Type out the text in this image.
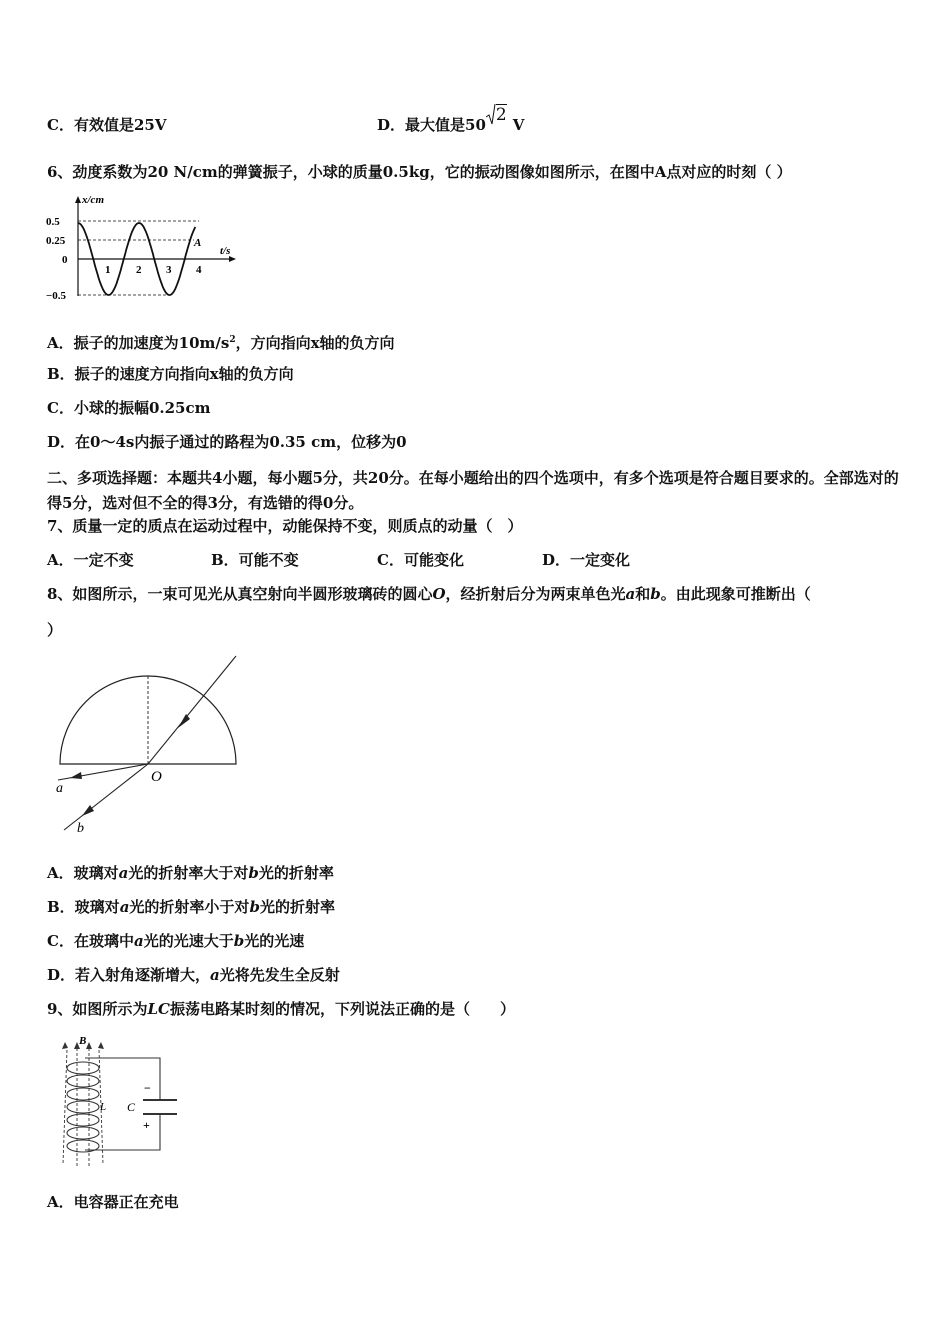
C．有效值是25V	D．最大值是50 2 V
6、劲度系数为20 N/cm的弹簧振子，小球的质量0.5kg，它的振动图像如图所示，在图中A点对应的时刻（ ）
x/cm
t/s
0.5
0.25
0
−0.5
1 2 3 4
A
A．振子的加速度为$10m/s^2$，方向指向x轴的负方向
B．振子的速度方向指向x轴的负方向
C．小球的振幅0.25cm
D．在0～4s内振子通过的路程为0.35 cm，位移为0
二、多项选择题：本题共4小题，每小题5分，共20分。在每小题给出的四个选项中，有多个选项是符合题目要求的。全部选对的得5分，选对但不全的得3分，有选错的得0分。
7、质量一定的质点在运动过程中，动能保持不变，则质点的动量（　）
A．一定不变	B．可能不变	C．可能变化	D．一定变化
8、如图所示，一束可见光从真空射向半圆形玻璃砖的圆心O，经折射后分为两束单色光a和b。由此现象可推断出（
）
O
a
b
A．玻璃对a光的折射率大于对b光的折射率
B．玻璃对a光的折射率小于对b光的折射率
C．在玻璃中a光的光速大于b光的光速
D．若入射角逐渐增大，a光将先发生全反射
9、如图所示为LC振荡电路某时刻的情况，下列说法正确的是（　　）
−
+
C
B
L
A．电容器正在充电
